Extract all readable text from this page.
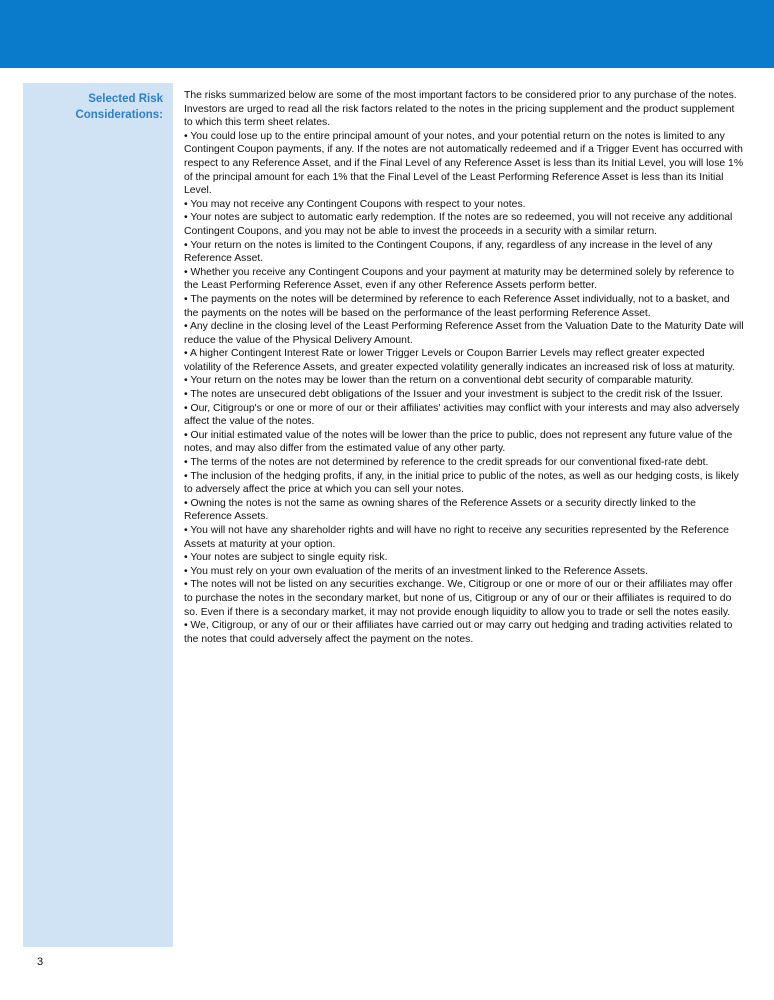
Selected Risk
Considerations:

The risks summarized below are some of the most important factors to be considered prior to any purchase of the notes. Investors are urged to read all the risk factors related to the notes in the pricing supplement and the product supplement to which this term sheet relates.

• You could lose up to the entire principal amount of your notes, and your potential return on the notes is limited to any Contingent Coupon payments, if any. If the notes are not automatically redeemed and if a Trigger Event has occurred with respect to any Reference Asset, and if the Final Level of any Reference Asset is less than its Initial Level, you will lose 1% of the principal amount for each 1% that the Final Level of the Least Performing Reference Asset is less than its Initial Level.

• You may not receive any Contingent Coupons with respect to your notes.

• Your notes are subject to automatic early redemption. If the notes are so redeemed, you will not receive any additional Contingent Coupons, and you may not be able to invest the proceeds in a security with a similar return.

• Your return on the notes is limited to the Contingent Coupons, if any, regardless of any increase in the level of any Reference Asset.

• Whether you receive any Contingent Coupons and your payment at maturity may be determined solely by reference to the Least Performing Reference Asset, even if any other Reference Assets perform better.

• The payments on the notes will be determined by reference to each Reference Asset individually, not to a basket, and the payments on the notes will be based on the performance of the least performing Reference Asset.

• Any decline in the closing level of the Least Performing Reference Asset from the Valuation Date to the Maturity Date will reduce the value of the Physical Delivery Amount.

• A higher Contingent Interest Rate or lower Trigger Levels or Coupon Barrier Levels may reflect greater expected volatility of the Reference Assets, and greater expected volatility generally indicates an increased risk of loss at maturity.

• Your return on the notes may be lower than the return on a conventional debt security of comparable maturity.

• The notes are unsecured debt obligations of the Issuer and your investment is subject to the credit risk of the Issuer.

• Our, Citigroup's or one or more of our or their affiliates' activities may conflict with your interests and may also adversely affect the value of the notes.

• Our initial estimated value of the notes will be lower than the price to public, does not represent any future value of the notes, and may also differ from the estimated value of any other party.

• The terms of the notes are not determined by reference to the credit spreads for our conventional fixed-rate debt.

• The inclusion of the hedging profits, if any, in the initial price to public of the notes, as well as our hedging costs, is likely to adversely affect the price at which you can sell your notes.

• Owning the notes is not the same as owning shares of the Reference Assets or a security directly linked to the Reference Assets.

• You will not have any shareholder rights and will have no right to receive any securities represented by the Reference Assets at maturity at your option.

• Your notes are subject to single equity risk.

• You must rely on your own evaluation of the merits of an investment linked to the Reference Assets.

• The notes will not be listed on any securities exchange. We, Citigroup or one or more of our or their affiliates may offer to purchase the notes in the secondary market, but none of us, Citigroup or any of our or their affiliates is required to do so. Even if there is a secondary market, it may not provide enough liquidity to allow you to trade or sell the notes easily.

• We, Citigroup, or any of our or their affiliates have carried out or may carry out hedging and trading activities related to the notes that could adversely affect the payment on the notes.

3
